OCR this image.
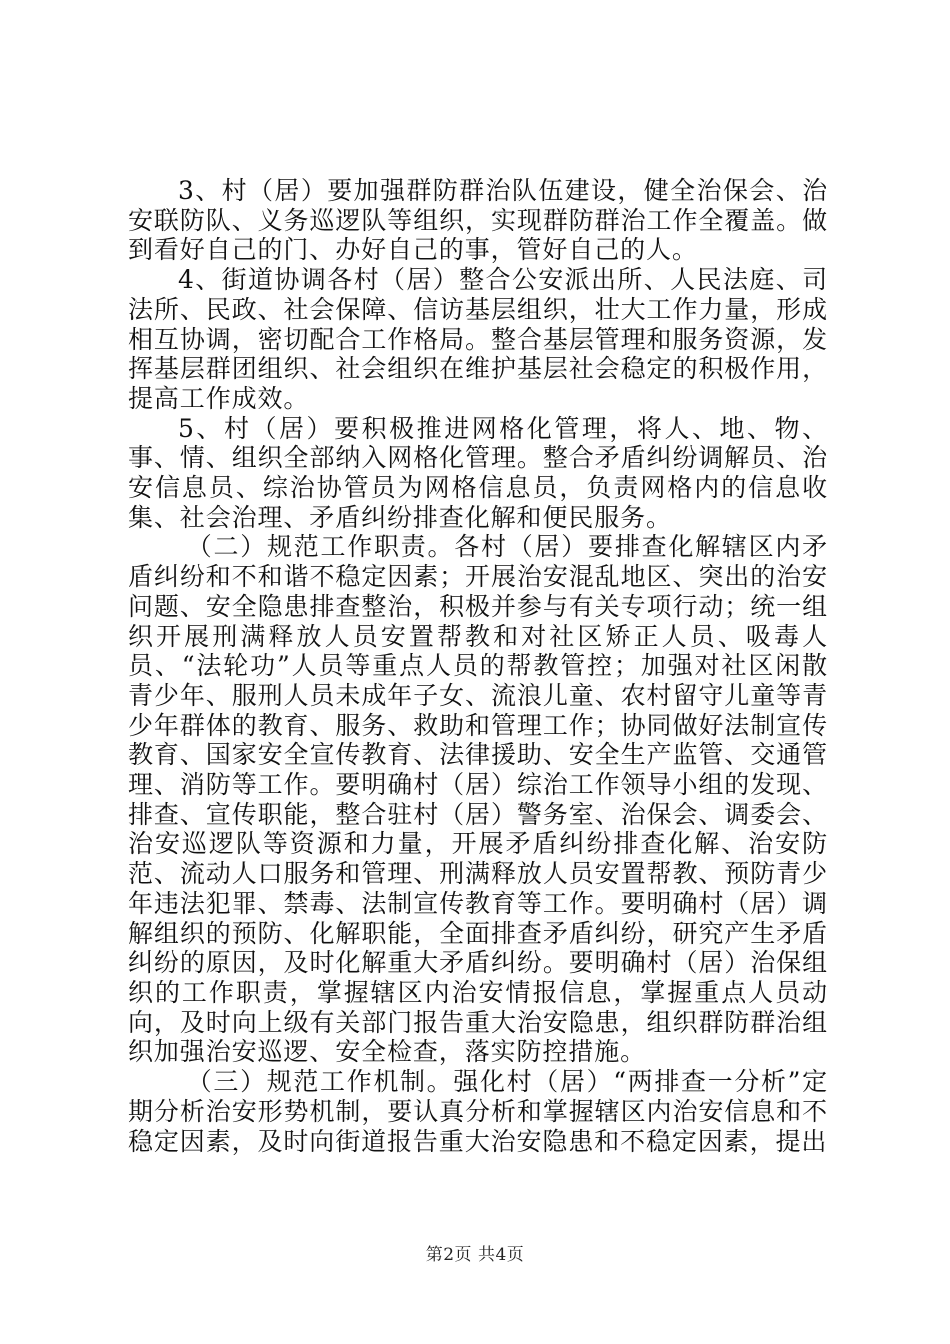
3、村（居）要加强群防群治队伍建设，健全治保会、治安联防队、义务巡逻队等组织，实现群防群治工作全覆盖。做到看好自己的门、办好自己的事，管好自己的人。

4、街道协调各村（居）整合公安派出所、人民法庭、司法所、民政、社会保障、信访基层组织，壮大工作力量，形成相互协调，密切配合工作格局。整合基层管理和服务资源，发挥基层群团组织、社会组织在维护基层社会稳定的积极作用，提高工作成效。

5、村（居）要积极推进网格化管理，将人、地、物、事、情、组织全部纳入网格化管理。整合矛盾纠纷调解员、治安信息员、综治协管员为网格信息员，负责网格内的信息收集、社会治理、矛盾纠纷排查化解和便民服务。

（二）规范工作职责。各村（居）要排查化解辖区内矛盾纠纷和不和谐不稳定因素；开展治安混乱地区、突出的治安问题、安全隐患排查整治，积极并参与有关专项行动；统一组织开展刑满释放人员安置帮教和对社区矫正人员、吸毒人员、“法轮功”人员等重点人员的帮教管控；加强对社区闲散青少年、服刑人员未成年子女、流浪儿童、农村留守儿童等青少年群体的教育、服务、救助和管理工作；协同做好法制宣传教育、国家安全宣传教育、法律援助、安全生产监管、交通管理、消防等工作。要明确村（居）综治工作领导小组的发现、排查、宣传职能，整合驻村（居）警务室、治保会、调委会、治安巡逻队等资源和力量，开展矛盾纠纷排查化解、治安防范、流动人口服务和管理、刑满释放人员安置帮教、预防青少年违法犯罪、禁毒、法制宣传教育等工作。要明确村（居）调解组织的预防、化解职能，全面排查矛盾纠纷，研究产生矛盾纠纷的原因，及时化解重大矛盾纠纷。要明确村（居）治保组织的工作职责，掌握辖区内治安情报信息，掌握重点人员动向，及时向上级有关部门报告重大治安隐患，组织群防群治组织加强治安巡逻、安全检查，落实防控措施。

（三）规范工作机制。强化村（居）“两排查一分析”定期分析治安形势机制，要认真分析和掌握辖区内治安信息和不稳定因素，及时向街道报告重大治安隐患和不稳定因素，提出

第2页 共4页
